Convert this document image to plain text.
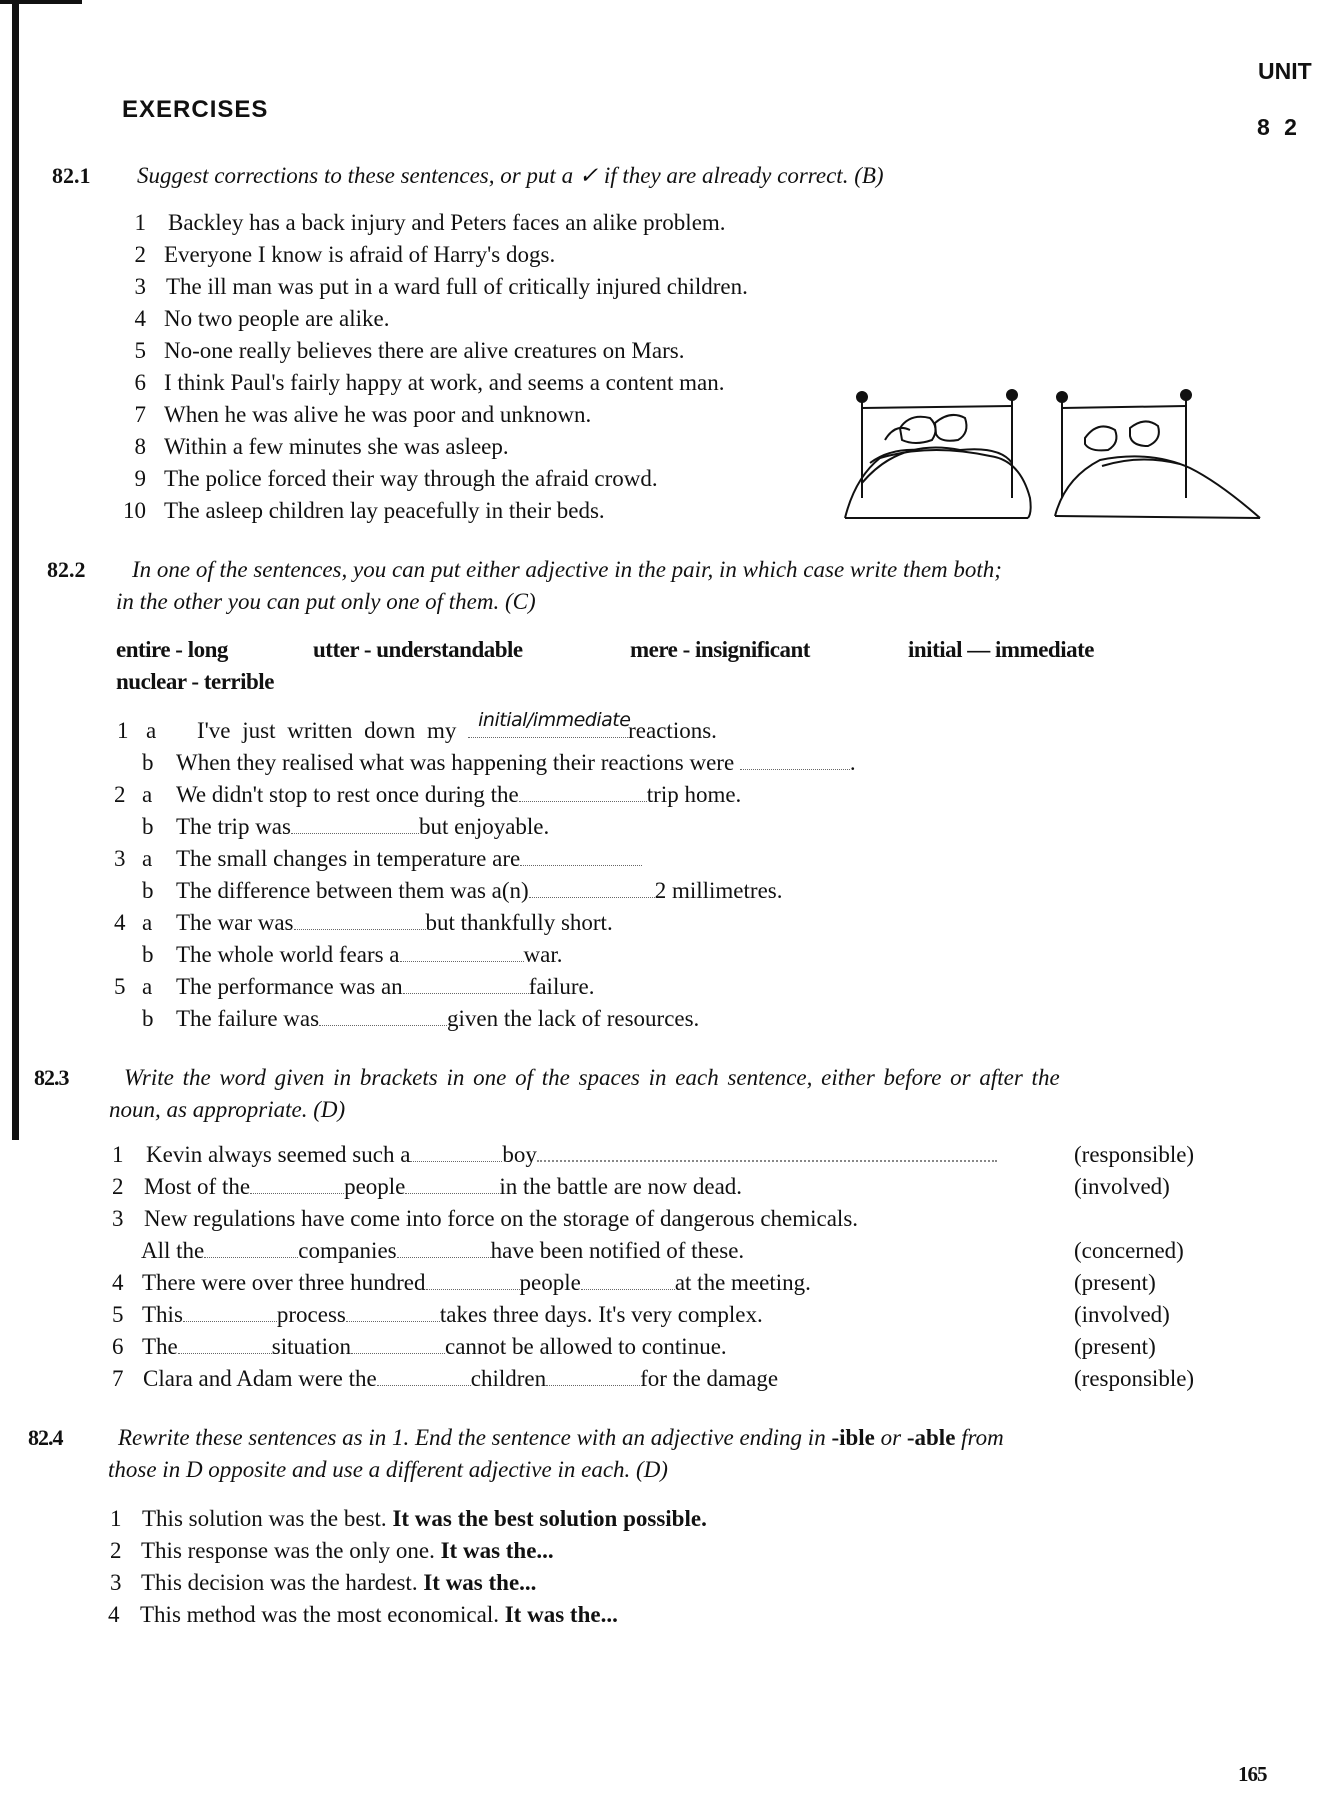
UNIT
8 2
EXERCISES
82.1 Suggest corrections to these sentences, or put a ✓ if they are already correct. (B)
1 Backley has a back injury and Peters faces an alike problem.
2 Everyone I know is afraid of Harry's dogs.
3 The ill man was put in a ward full of critically injured children.
4 No two people are alike.
5 No-one really believes there are alive creatures on Mars.
6 I think Paul's fairly happy at work, and seems a content man.
7 When he was alive he was poor and unknown.
8 Within a few minutes she was asleep.
9 The police forced their way through the afraid crowd.
10 The asleep children lay peacefully in their beds.
82.2 In one of the sentences, you can put either adjective in the pair, in which case write them both;
in the other you can put only one of them. (C)
entire - long	utter - understandable	mere - insignificant	initial — immediate
nuclear - terrible
1 a I've just written down my initial/immediate
reactions.
b When they realised what was happening their reactions were	.
2 a We didn't stop to rest once during the	trip home.
b The trip was	but enjoyable.
3 a The small changes in temperature are
b The difference between them was a(n)	2 millimetres.
4 a The war was	but thankfully short.
b The whole world fears a	war.
5 a The performance was an	failure.
b The failure was	given the lack of resources.
82.3 Write the word given in brackets in one of the spaces in each sentence, either before or after the
noun, as appropriate. (D)
1 Kevin always seemed such a	boy	(responsible)
2 Most of the	people	in the battle are now dead.	(involved)
3 New regulations have come into force on the storage of dangerous chemicals.
All the	companies	have been notified of these.	(concerned)
4 There were over three hundred	people	at the meeting.	(present)
5 This	process	takes three days. It's very complex.	(involved)
6 The	situation	cannot be allowed to continue.	(present)
7 Clara and Adam were the	children	for the damage	(responsible)
82.4 Rewrite these sentences as in 1. End the sentence with an adjective ending in -ible or -able from
those in D opposite and use a different adjective in each. (D)
1 This solution was the best. It was the best solution possible.
2 This response was the only one. It was the...
3 This decision was the hardest. It was the...
4 This method was the most economical. It was the...
165
